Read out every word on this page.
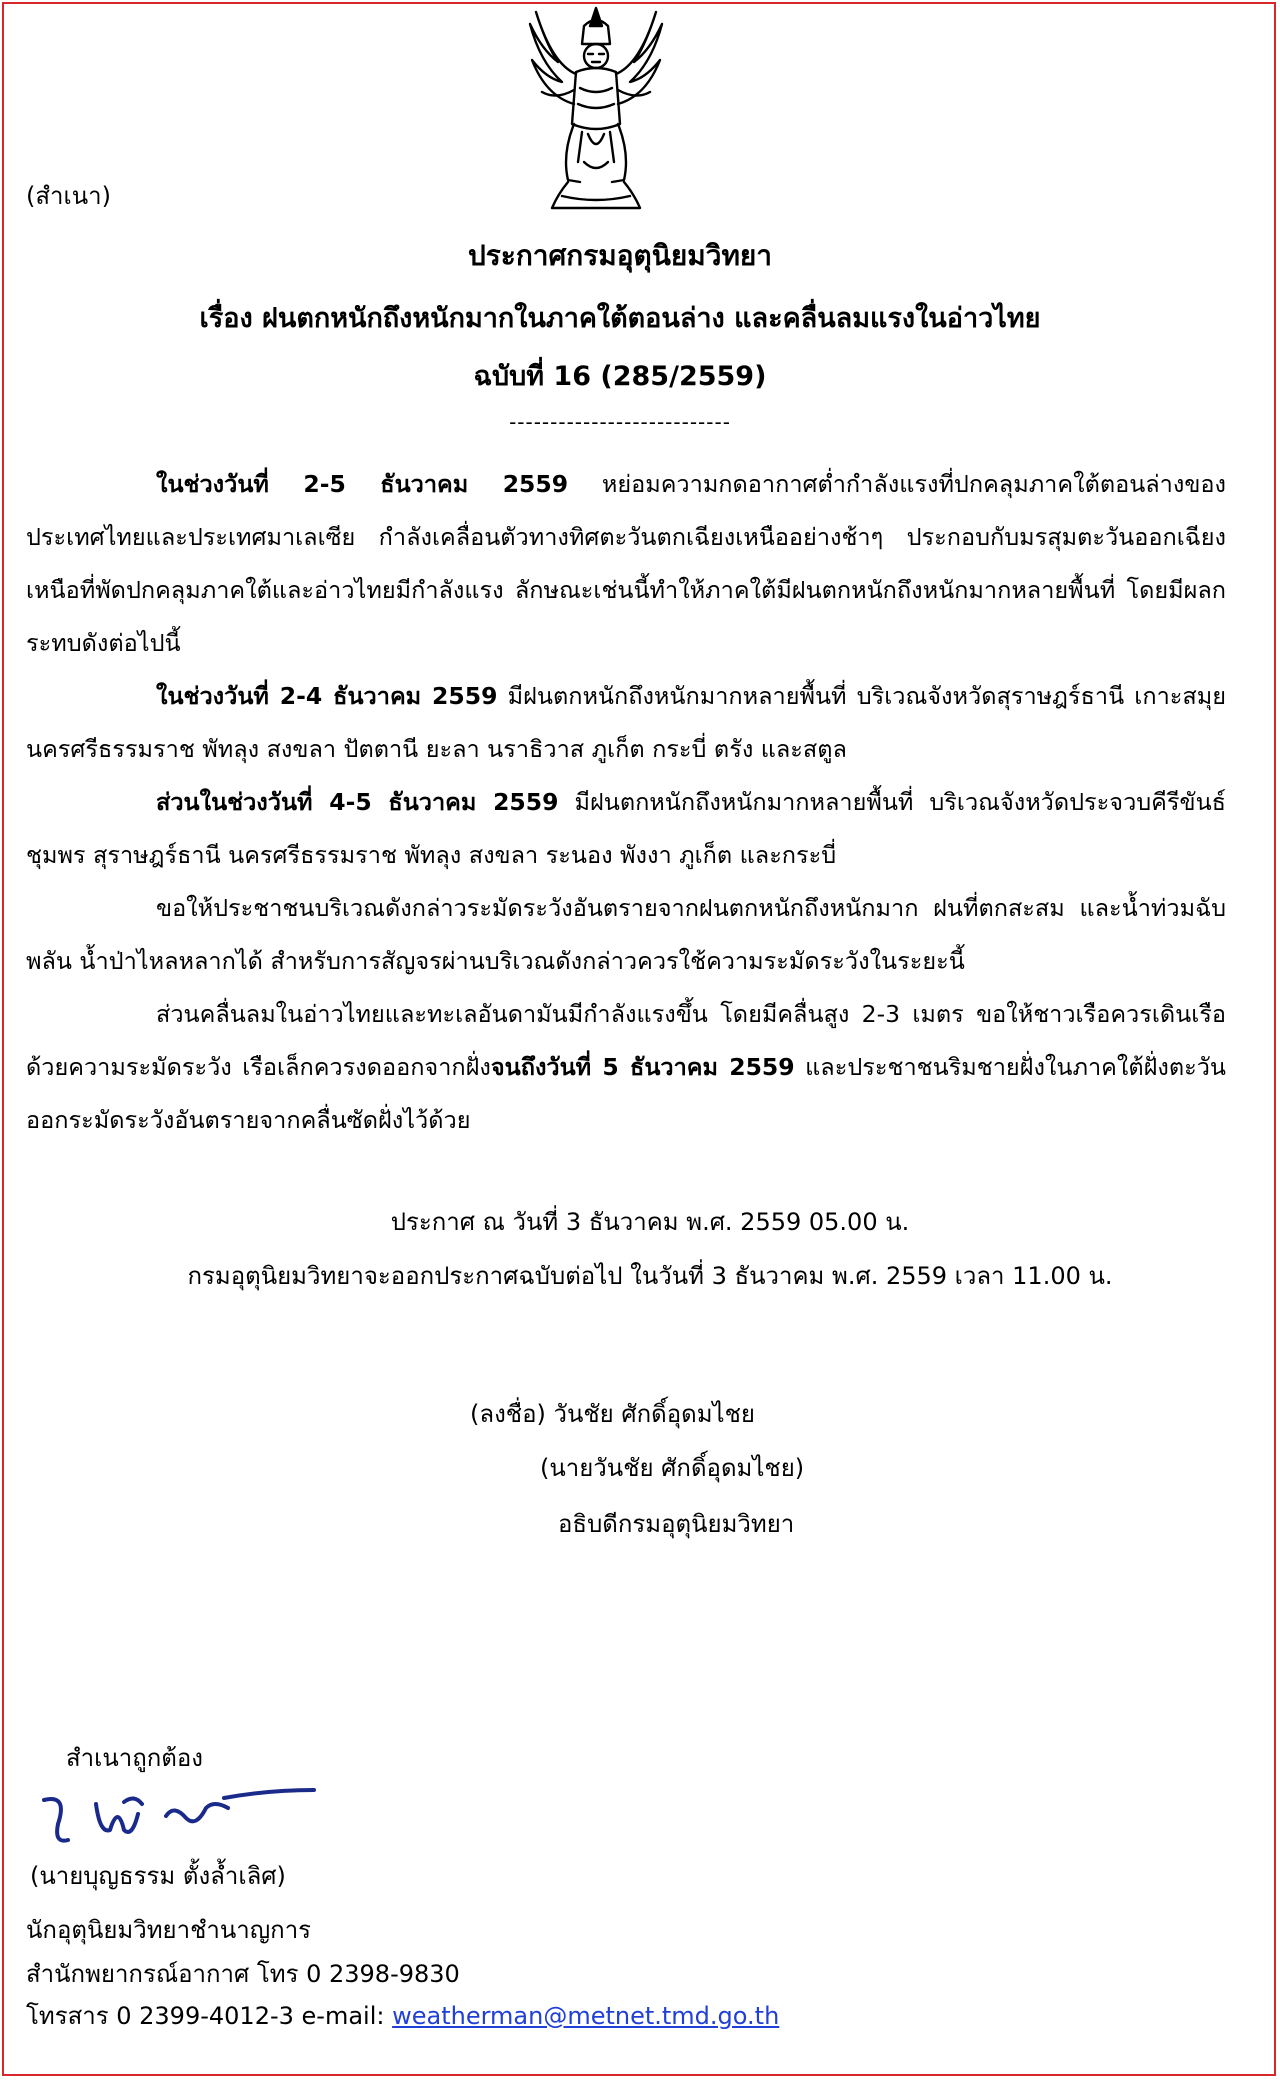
(สำเนา)
ประกาศกรมอุตุนิยมวิทยา
เรื่อง ฝนตกหนักถึงหนักมากในภาคใต้ตอนล่าง และคลื่นลมแรงในอ่าวไทย
ฉบับที่ 16 (285/2559)
---------------------------

ในช่วงวันที่ 2-5 ธันวาคม 2559 หย่อมความกดอากาศต่ำกำลังแรงที่ปกคลุมภาคใต้ตอนล่างของประเทศไทยและประเทศมาเลเซีย กำลังเคลื่อนตัวทางทิศตะวันตกเฉียงเหนืออย่างช้าๆ ประกอบกับมรสุมตะวันออกเฉียงเหนือที่พัดปกคลุมภาคใต้และอ่าวไทยมีกำลังแรง ลักษณะเช่นนี้ทำให้ภาคใต้มีฝนตกหนักถึงหนักมากหลายพื้นที่ โดยมีผลกระทบดังต่อไปนี้

ในช่วงวันที่ 2-4 ธันวาคม 2559 มีฝนตกหนักถึงหนักมากหลายพื้นที่ บริเวณจังหวัดสุราษฎร์ธานี เกาะสมุย นครศรีธรรมราช พัทลุง สงขลา ปัตตานี ยะลา นราธิวาส ภูเก็ต กระบี่ ตรัง และสตูล

ส่วนในช่วงวันที่ 4-5 ธันวาคม 2559 มีฝนตกหนักถึงหนักมากหลายพื้นที่ บริเวณจังหวัดประจวบคีรีขันธ์ ชุมพร สุราษฎร์ธานี นครศรีธรรมราช พัทลุง สงขลา ระนอง พังงา ภูเก็ต และกระบี่

ขอให้ประชาชนบริเวณดังกล่าวระมัดระวังอันตรายจากฝนตกหนักถึงหนักมาก ฝนที่ตกสะสม และน้ำท่วมฉับพลัน น้ำป่าไหลหลากได้ สำหรับการสัญจรผ่านบริเวณดังกล่าวควรใช้ความระมัดระวังในระยะนี้

ส่วนคลื่นลมในอ่าวไทยและทะเลอันดามันมีกำลังแรงขึ้น โดยมีคลื่นสูง 2-3 เมตร ขอให้ชาวเรือควรเดินเรือด้วยความระมัดระวัง เรือเล็กควรงดออกจากฝั่งจนถึงวันที่ 5 ธันวาคม 2559 และประชาชนริมชายฝั่งในภาคใต้ฝั่งตะวันออกระมัดระวังอันตรายจากคลื่นซัดฝั่งไว้ด้วย

ประกาศ ณ วันที่ 3 ธันวาคม พ.ศ. 2559 05.00 น.
กรมอุตุนิยมวิทยาจะออกประกาศฉบับต่อไป ในวันที่ 3 ธันวาคม พ.ศ. 2559 เวลา 11.00 น.
(ลงชื่อ) วันชัย ศักดิ์อุดมไชย
(นายวันชัย ศักดิ์อุดมไชย)
อธิบดีกรมอุตุนิยมวิทยา
สำเนาถูกต้อง
(นายบุญธรรม ตั้งล้ำเลิศ)
นักอุตุนิยมวิทยาชำนาญการ
สำนักพยากรณ์อากาศ โทร 0 2398-9830
โทรสาร 0 2399-4012-3 e-mail: weatherman@metnet.tmd.go.th
